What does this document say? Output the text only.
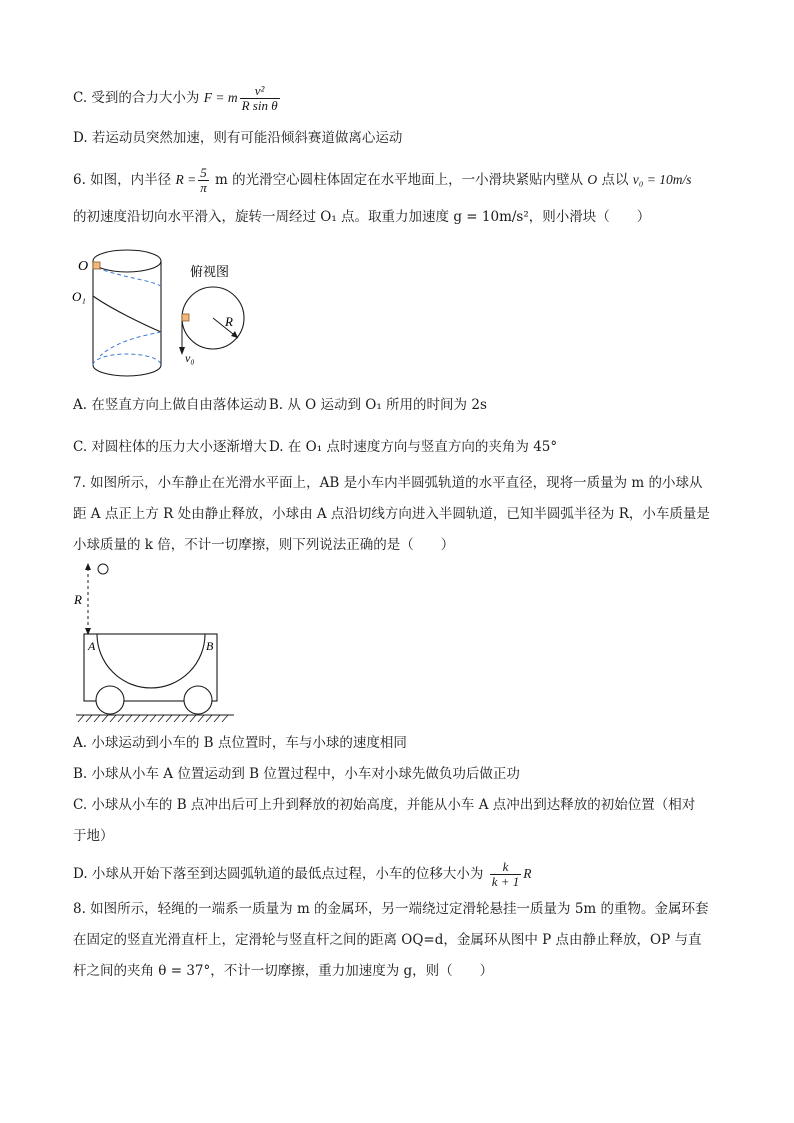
C. 受到的合力大小为 F = m $\frac{\text{v²}}{\text{R sin θ}}$
D. 若运动员突然加速，则有可能沿倾斜赛道做离心运动
6. 如图，内半径 $R = \frac{5}{\pi}$ m 的光滑空心圆柱体固定在水平地面上，一小滑块紧贴内壁从 O 点以 v₀ = 10m/s
的初速度沿切向水平滑入，旋转一周经过 O₁ 点。取重力加速度 g = 10m/s²，则小滑块（　　）
O
O₁
俯视图
R
v₀
A. 在竖直方向上做自由落体运动 B. 从 O 运动到 O₁ 所用的时间为 2s
C. 对圆柱体的压力大小逐渐增大 D. 在 O₁ 点时速度方向与竖直方向的夹角为 45°
7. 如图所示，小车静止在光滑水平面上，AB 是小车内半圆弧轨道的水平直径，现将一质量为 m 的小球从
距 A 点正上方 R 处由静止释放，小球由 A 点沿切线方向进入半圆轨道，已知半圆弧半径为 R，小车质量是
小球质量的 k 倍，不计一切摩擦，则下列说法正确的是（　　）
R
A	B
A. 小球运动到小车的 B 点位置时，车与小球的速度相同
B. 小球从小车 A 位置运动到 B 位置过程中，小车对小球先做负功后做正功
C. 小球从小车的 B 点冲出后可上升到释放的初始高度，并能从小车 A 点冲出到达释放的初始位置（相对
于地）
D. 小球从开始下落至到达圆弧轨道的最低点过程，小车的位移大小为 $\frac{k}{k + 1}$ R
8. 如图所示，轻绳的一端系一质量为 m 的金属环，另一端绕过定滑轮悬挂一质量为 5m 的重物。金属环套
在固定的竖直光滑直杆上，定滑轮与竖直杆之间的距离 OQ=d，金属环从图中 P 点由静止释放，OP 与直
杆之间的夹角 θ = 37°，不计一切摩擦，重力加速度为 g，则（　　）
